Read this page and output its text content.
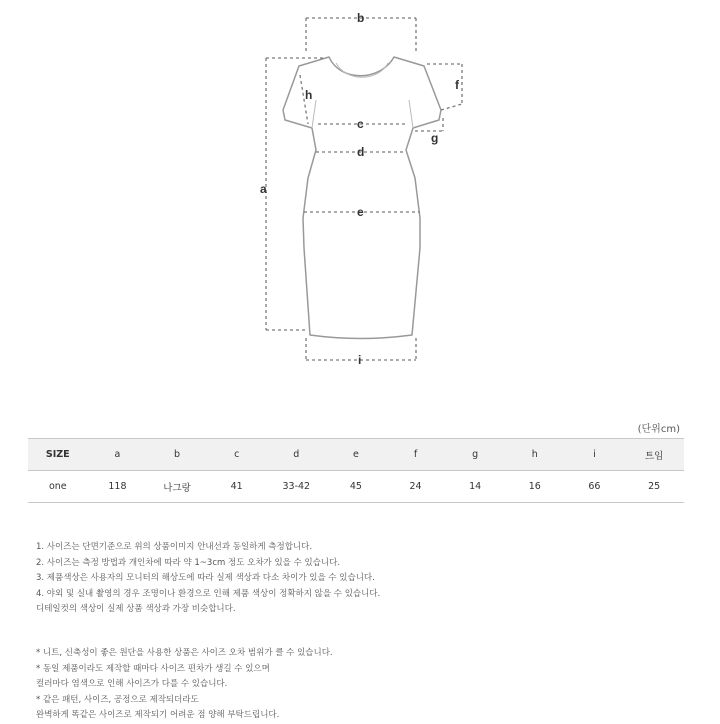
b
h
f
c
g
d
a
e
i
(단위cm)
SIZE	a	b	c	d	e	f	g	h	i	트임
one	118	나그랑	41	33-42	45	24	14	16	66	25
1. 사이즈는 단면기준으로 위의 상품이미지 안내선과 동일하게 측정합니다.
2. 사이즈는 측정 방법과 개인차에 따라 약 1~3cm 정도 오차가 있을 수 있습니다.
3. 제품색상은 사용자의 모니터의 해상도에 따라 실제 색상과 다소 차이가 있을 수 있습니다.
4. 야외 및 실내 촬영의 경우 조명이나 환경으로 인해 제품 색상이 정확하지 않을 수 있습니다.
디테일컷의 색상이 실제 상품 색상과 가장 비슷합니다.
* 니트, 신축성이 좋은 원단을 사용한 상품은 사이즈 오차 범위가 클 수 있습니다.
* 동일 제품이라도 제작할 때마다 사이즈 편차가 생길 수 있으며
컬러마다 염색으로 인해 사이즈가 다를 수 있습니다.
* 같은 패턴, 사이즈, 공정으로 제작되더라도
완벽하게 똑같은 사이즈로 제작되기 어려운 점 양해 부탁드립니다.
